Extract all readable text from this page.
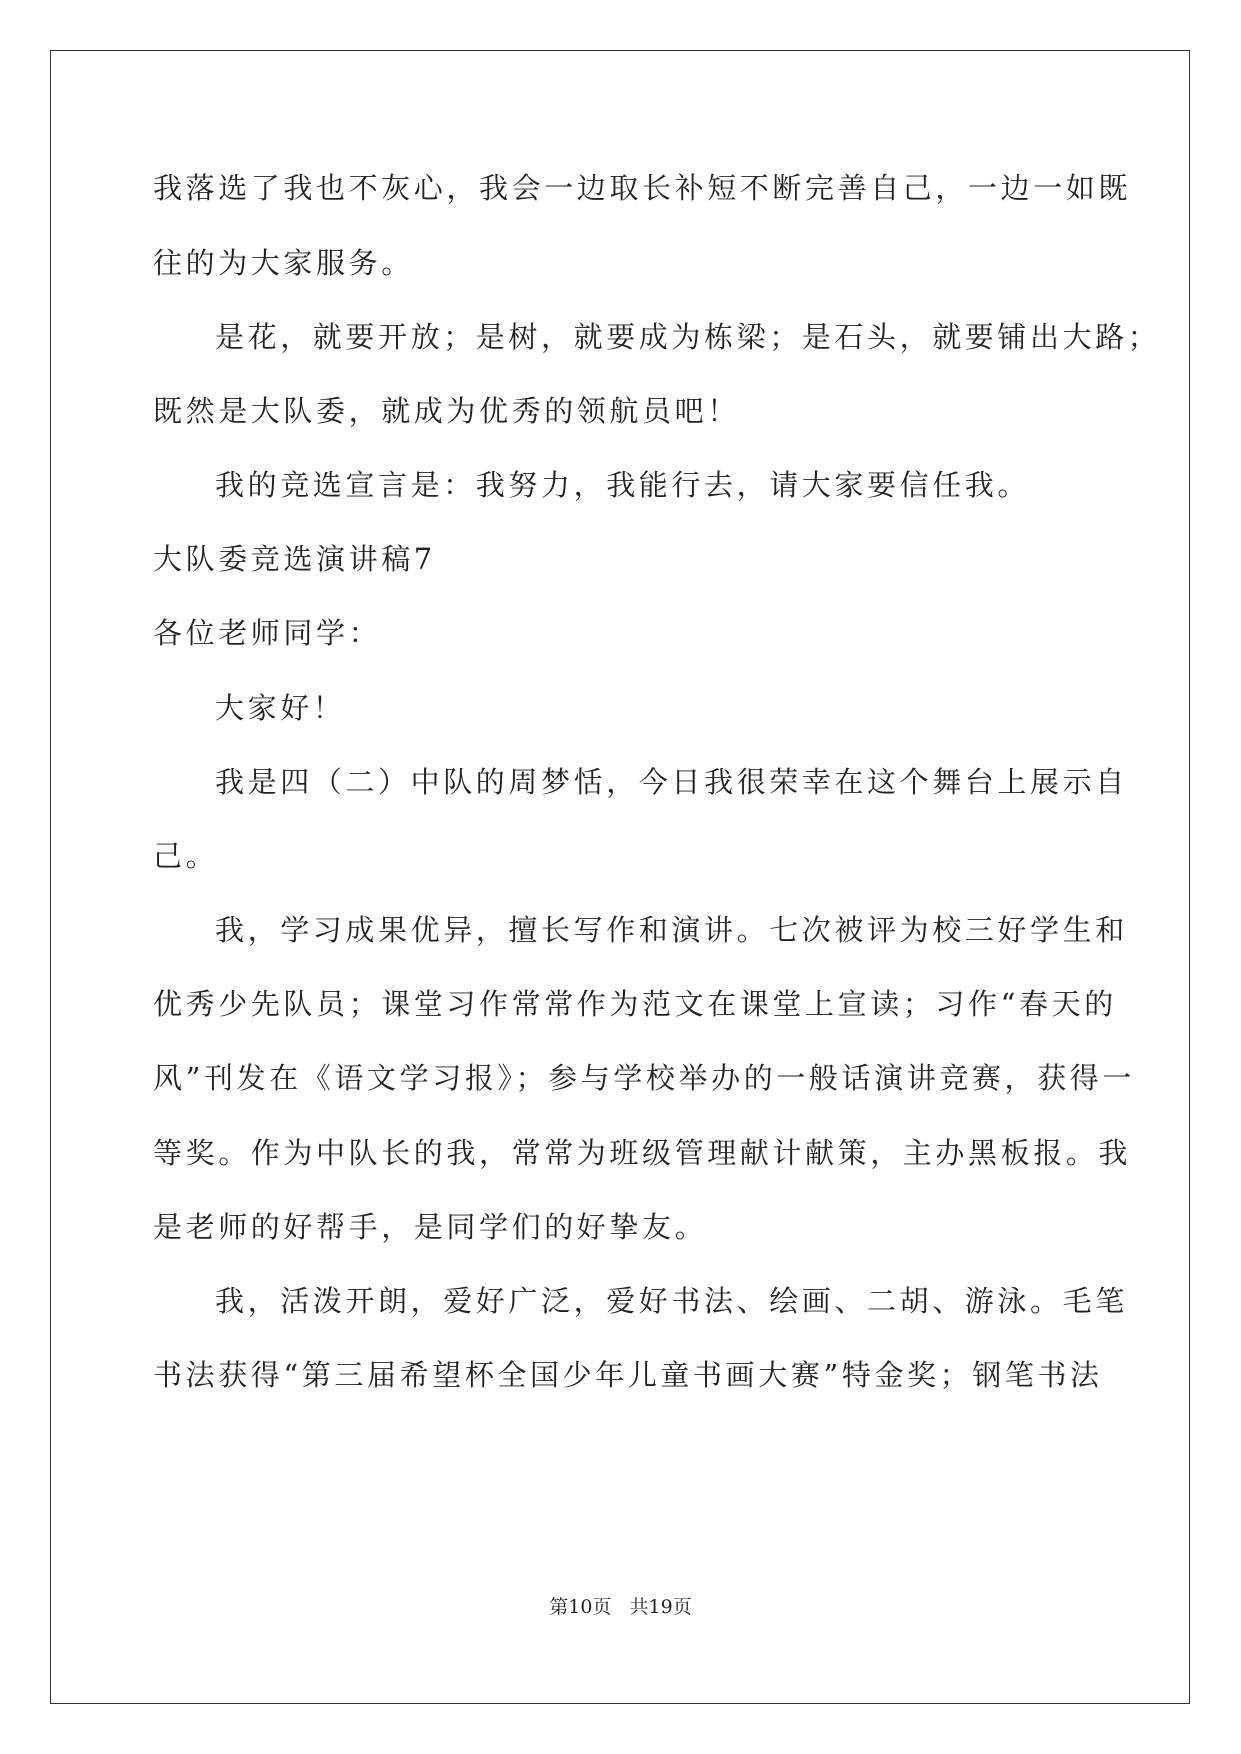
我落选了我也不灰心，我会一边取长补短不断完善自己，一边一如既
往的为大家服务。
是花，就要开放；是树，就要成为栋梁；是石头，就要铺出大路；
既然是大队委，就成为优秀的领航员吧！
我的竞选宣言是：我努力，我能行去，请大家要信任我。
大队委竞选演讲稿7
各位老师同学：
大家好！
我是四（二）中队的周梦恬，今日我很荣幸在这个舞台上展示自
己。
我，学习成果优异，擅长写作和演讲。七次被评为校三好学生和
优秀少先队员；课堂习作常常作为范文在课堂上宣读；习作“春天的
风”刊发在《语文学习报》；参与学校举办的一般话演讲竞赛，获得一
等奖。作为中队长的我，常常为班级管理献计献策，主办黑板报。我
是老师的好帮手，是同学们的好挚友。
我，活泼开朗，爱好广泛，爱好书法、绘画、二胡、游泳。毛笔
书法获得“第三届希望杯全国少年儿童书画大赛”特金奖；钢笔书法
第10页 共19页
